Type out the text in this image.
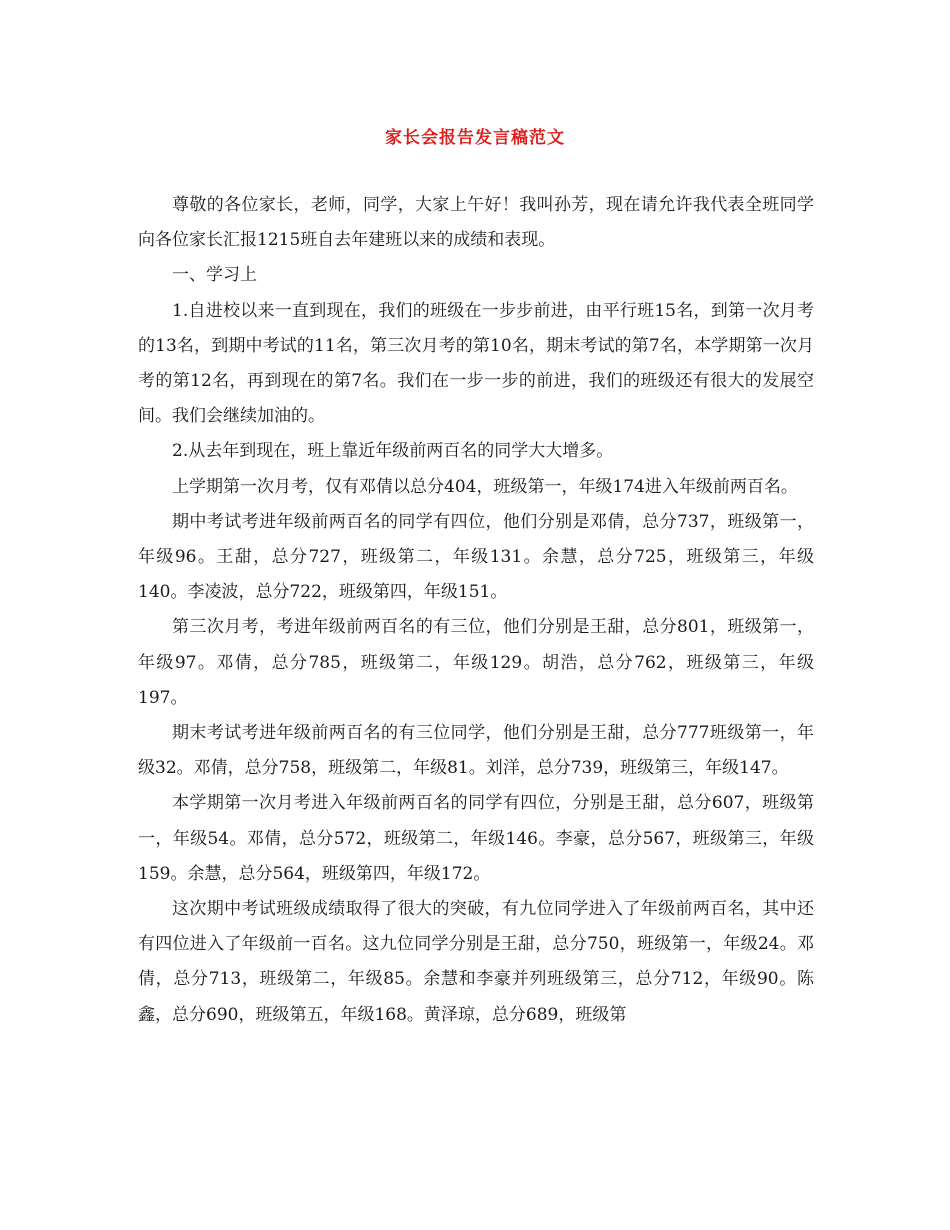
家长会报告发言稿范文

尊敬的各位家长，老师，同学，大家上午好！我叫孙芳，现在请允许我代表全班同学向各位家长汇报1215班自去年建班以来的成绩和表现。

一、学习上

1.自进校以来一直到现在，我们的班级在一步步前进，由平行班15名，到第一次月考的13名，到期中考试的11名，第三次月考的第10名，期末考试的第7名，本学期第一次月考的第12名，再到现在的第7名。我们在一步一步的前进，我们的班级还有很大的发展空间。我们会继续加油的。

2.从去年到现在，班上靠近年级前两百名的同学大大增多。

上学期第一次月考，仅有邓倩以总分404，班级第一，年级174进入年级前两百名。

期中考试考进年级前两百名的同学有四位，他们分别是邓倩，总分737，班级第一，年级96。王甜，总分727，班级第二，年级131。余慧，总分725，班级第三，年级140。李凌波，总分722，班级第四，年级151。

第三次月考，考进年级前两百名的有三位，他们分别是王甜，总分801，班级第一，年级97。邓倩，总分785，班级第二，年级129。胡浩，总分762，班级第三，年级197。

期末考试考进年级前两百名的有三位同学，他们分别是王甜，总分777班级第一，年级32。邓倩，总分758，班级第二，年级81。刘洋，总分739，班级第三，年级147。

本学期第一次月考进入年级前两百名的同学有四位，分别是王甜，总分607，班级第一，年级54。邓倩，总分572，班级第二，年级146。李豪，总分567，班级第三，年级159。余慧，总分564，班级第四，年级172。

这次期中考试班级成绩取得了很大的突破，有九位同学进入了年级前两百名，其中还有四位进入了年级前一百名。这九位同学分别是王甜，总分750，班级第一，年级24。邓倩，总分713，班级第二，年级85。余慧和李豪并列班级第三，总分712，年级90。陈鑫，总分690，班级第五，年级168。黄泽琼，总分689，班级第
